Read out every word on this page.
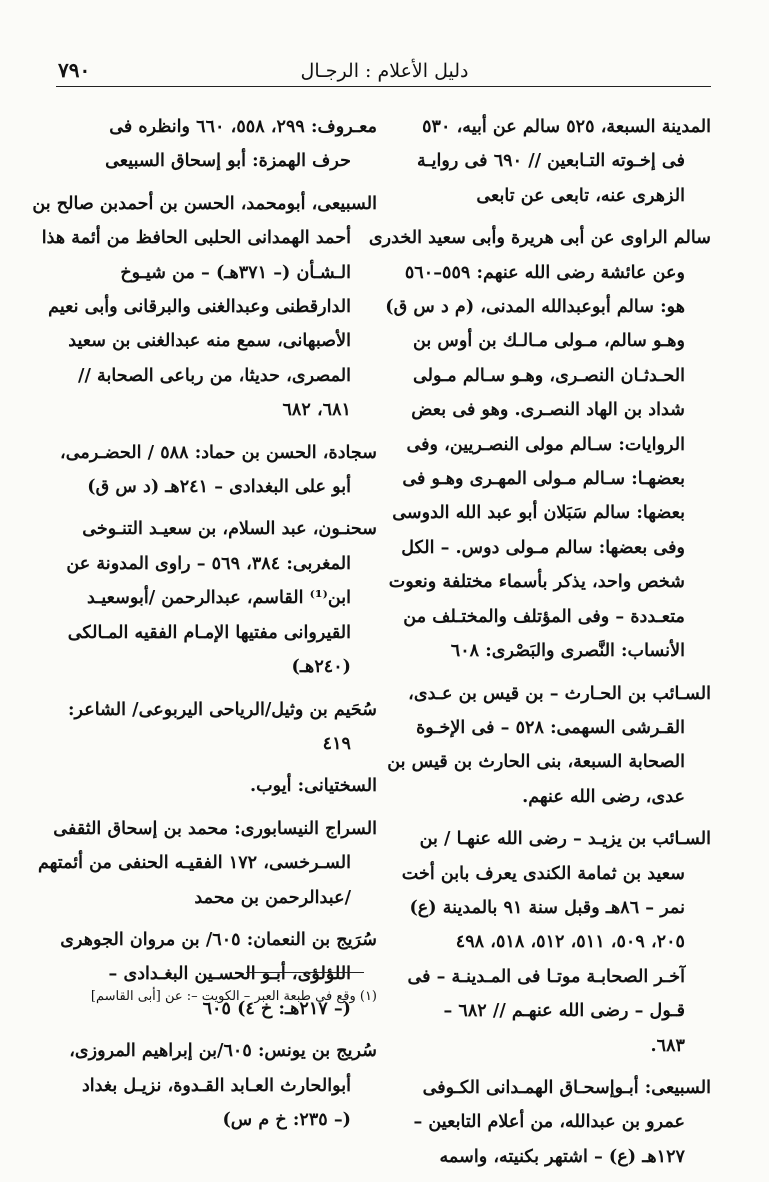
٧٩٠	دليل الأعلام : الرجـال

المدينة السبعة، ٥٢٥ سالم عن أبيه، ٥٣٠
فى إخـوته التـابعين // ٦٩٠ فى روايـة
الزهرى عنه، تابعى عن تابعى

سالم الراوى عن أبى هريرة وأبى سعيد الخدرى
وعن عائشة رضى الله عنهم: ٥٥٩–٥٦٠
هو: سالم أبوعبدالله المدنى، (م د س ق)
وهـو سالم، مـولى مـالـك بن أوس بن
الحـدثـان النصـرى، وهـو سـالم مـولى
شداد بن الهاد النصـرى. وهو فى بعض
الروايات: سـالم مولى النصـريين، وفى
بعضهـا: سـالم مـولى المهـرى وهـو فى
بعضها: سالم سَبَلان أبو عبد الله الدوسى
وفى بعضها: سالم مـولى دوس. – الكل
شخص واحد، يذكر بأسماء مختلفة ونعوت
متعـددة – وفى المؤتلف والمختـلف من
الأنساب: النَّصرى والبَصْرى: ٦٠٨

السـائب بن الحـارث – بن قيس بن عـدى،
القـرشى السهمى: ٥٢٨ – فى الإخـوة
الصحابة السبعة، بنى الحارث بن قيس بن
عدى، رضى الله عنهم.

السـائب بن يزيـد – رضى الله عنهـا / بن
سعيد بن ثمامة الكندى يعرف بابن أخت
نمر – ٨٦هـ وقبل سنة ٩١ بالمدينة (ع)
٢٠٥، ٥٠٩، ٥١١، ٥١٢، ٥١٨، ٤٩٨
آخـر الصحابـة موتـا فى المـدينـة – فى
قـول – رضى الله عنهـم // ٦٨٢ –
٦٨٣.

السبيعى: أبـوإسحـاق الهمـدانى الكـوفى
عمرو بن عبدالله، من أعلام التابعين –
١٢٧هـ (ع) – اشتهر بكنيته، واسمه

معـروف: ٢٩٩، ٥٥٨، ٦٦٠ وانظره فى
حرف الهمزة: أبو إسحاق السبيعى

السبيعى، أبومحمد، الحسن بن أحمدبن صالح بن
أحمد الهمدانى الحلبى الحافظ من أئمة هذا
الـشـأن (– ٣٧١هـ) – من شيـوخ
الدارقطنى وعبدالغنى والبرقانى وأبى نعيم
الأصبهانى، سمع منه عبدالغنى بن سعيد
المصرى، حديثا، من رباعى الصحابة //
٦٨١، ٦٨٢

سجادة، الحسن بن حماد: ٥٨٨ / الحضـرمى،
أبو على البغدادى – ٢٤١هـ (د س ق)

سحنـون، عبد السلام، بن سعيـد التنـوخى
المغربى: ٣٨٤، ٥٦٩ – راوى المدونة عن
ابن⁽¹⁾ القاسم، عبدالرحمن /أبوسعيـد
القيروانى مفتيها الإمـام الفقيه المـالكى
(٢٤٠هـ)

سُحَيم بن وثيل/الرياحى اليربوعى/ الشاعر:
٤١٩

السختيانى: أيوب.

السراج النيسابورى: محمد بن إسحاق الثقفى
السـرخسى، ١٧٢ الفقيـه الحنفى من أئمتهم
/عبدالرحمن بن محمد

سُرَيج بن النعمان: ٦٠٥/ بن مروان الجوهرى
اللؤلؤى، أبـو الحسـين البغـدادى –
(– ٢١٧هـ: خ ٤) ٦٠٥

سُريج بن يونس: ٦٠٥/بن إبراهيم المروزى،
أبوالحارث العـابد القـدوة، نزيـل بغداد
(– ٢٣٥: خ م س)

(١) وقع فى طبعة العبر – الكويت –: عن [أبى القاسم]
